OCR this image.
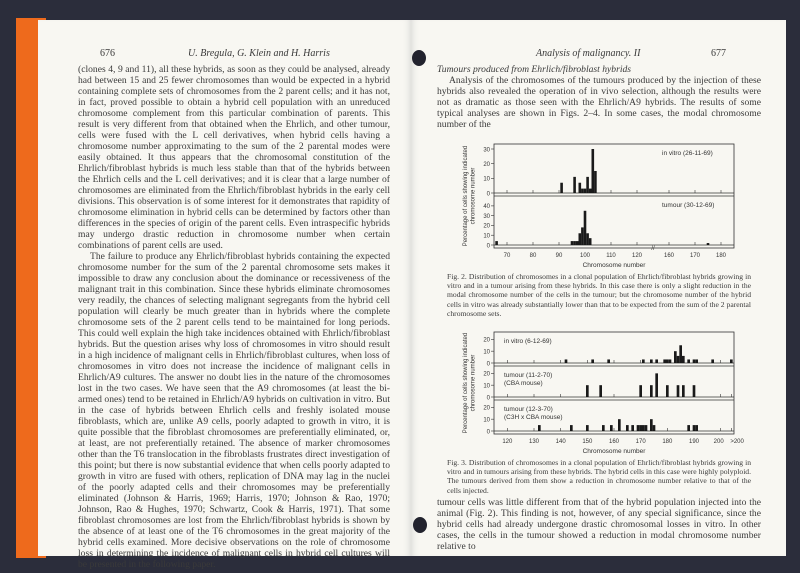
676	U. Bregula, G. Klein and H. Harris

(clones 4, 9 and 11), all these hybrids, as soon as they could be analysed, already had between 15 and 25 fewer chromosomes than would be expected in a hybrid containing complete sets of chromosomes from the 2 parent cells; and it has not, in fact, proved possible to obtain a hybrid cell population with an unreduced chromosome complement from this particular combination of parents. This result is very different from that obtained when the Ehrlich, and other tumour, cells were fused with the L cell derivatives, when hybrid cells having a chromosome number approximating to the sum of the 2 parental modes were easily obtained. It thus appears that the chromosomal constitution of the Ehrlich/fibroblast hybrids is much less stable than that of the hybrids between the Ehrlich cells and the L cell derivatives; and it is clear that a large number of chromosomes are eliminated from the Ehrlich/fibroblast hybrids in the early cell divisions. This observation is of some interest for it demonstrates that rapidity of chromosome elimination in hybrid cells can be determined by factors other than differences in the species of origin of the parent cells. Even intraspecific hybrids may undergo drastic reduction in chromosome number when certain combinations of parent cells are used.

The failure to produce any Ehrlich/fibroblast hybrids containing the expected chromosome number for the sum of the 2 parental chromosome sets makes it impossible to draw any conclusion about the dominance or recessiveness of the malignant trait in this combination. Since these hybrids eliminate chromosomes very readily, the chances of selecting malignant segregants from the hybrid cell population will clearly be much greater than in hybrids where the complete chromosome sets of the 2 parent cells tend to be maintained for long periods. This could well explain the high take incidences obtained with Ehrlich/fibroblast hybrids. But the question arises why loss of chromosomes in vitro should result in a high incidence of malignant cells in Ehrlich/fibroblast cultures, when loss of chromosomes in vitro does not increase the incidence of malignant cells in Ehrlich/A9 cultures. The answer no doubt lies in the nature of the chromosomes lost in the two cases. We have seen that the A9 chromosomes (at least the bi-armed ones) tend to be retained in Ehrlich/A9 hybrids on cultivation in vitro. But in the case of hybrids between Ehrlich cells and freshly isolated mouse fibroblasts, which are, unlike A9 cells, poorly adapted to growth in vitro, it is quite possible that the fibroblast chromosomes are preferentially eliminated, or, at least, are not preferentially retained. The absence of marker chromosomes other than the T6 translocation in the fibroblasts frustrates direct investigation of this point; but there is now substantial evidence that when cells poorly adapted to growth in vitro are fused with others, replication of DNA may lag in the nuclei of the poorly adapted cells and their chromosomes may be preferentially eliminated (Johnson & Harris, 1969; Harris, 1970; Johnson & Rao, 1970; Johnson, Rao & Hughes, 1970; Schwartz, Cook & Harris, 1971). That some fibroblast chromosomes are lost from the Ehrlich/fibroblast hybrids is shown by the absence of at least one of the T6 chromosomes in the great majority of the hybrid cells examined. More decisive observations on the role of chromosome loss in determining the incidence of malignant cells in hybrid cell cultures will be presented in the following paper.

Analysis of malignancy. II	677

Tumours produced from Ehrlich/fibroblast hybrids

Analysis of the chromosomes of the tumours produced by the injection of these hybrids also revealed the operation of in vivo selection, although the results were not as dramatic as those seen with the Ehrlich/A9 hybrids. The results of some typical analyses are shown in Figs. 2–4. In some cases, the modal chromosome number of the

0
10
20
30	in vitro (26-11-69)
0
10
20
30
40	tumour (30-12-69)
70	80	90	100	110	120	160	170	180
//
Chromosome number
Percentage of cells showing indicated chromosome number
Fig. 2. Distribution of chromosomes in a clonal population of Ehrlich/fibroblast hybrids growing in vitro and in a tumour arising from these hybrids. In this case there is only a slight reduction in the modal chromosome number of the cells in the tumour; but the chromosome number of the hybrid cells in vitro was already substantially lower than that to be expected from the sum of the 2 parental chromosome sets.
0
10
20 in vitro (6-12-69)
0
10
20 tumour (11-2-70)
(CBA mouse)
0
10
20 tumour (12-3-70)
(C3H x CBA mouse)
120	130	140	150	160	170	180	190 200 >200
Chromosome number
Percentage of cells showing indicated chromosome number
Fig. 3. Distribution of chromosomes in a clonal population of Ehrlich/fibroblast hybrids growing in vitro and in tumours arising from these hybrids. The hybrid cells in this case were highly polyploid. The tumours derived from them show a reduction in chromosome number relative to that of the cells injected.

tumour cells was little different from that of the hybrid population injected into the animal (Fig. 2). This finding is not, however, of any special significance, since the hybrid cells had already undergone drastic chromosomal losses in vitro. In other cases, the cells in the tumour showed a reduction in modal chromosome number relative to
